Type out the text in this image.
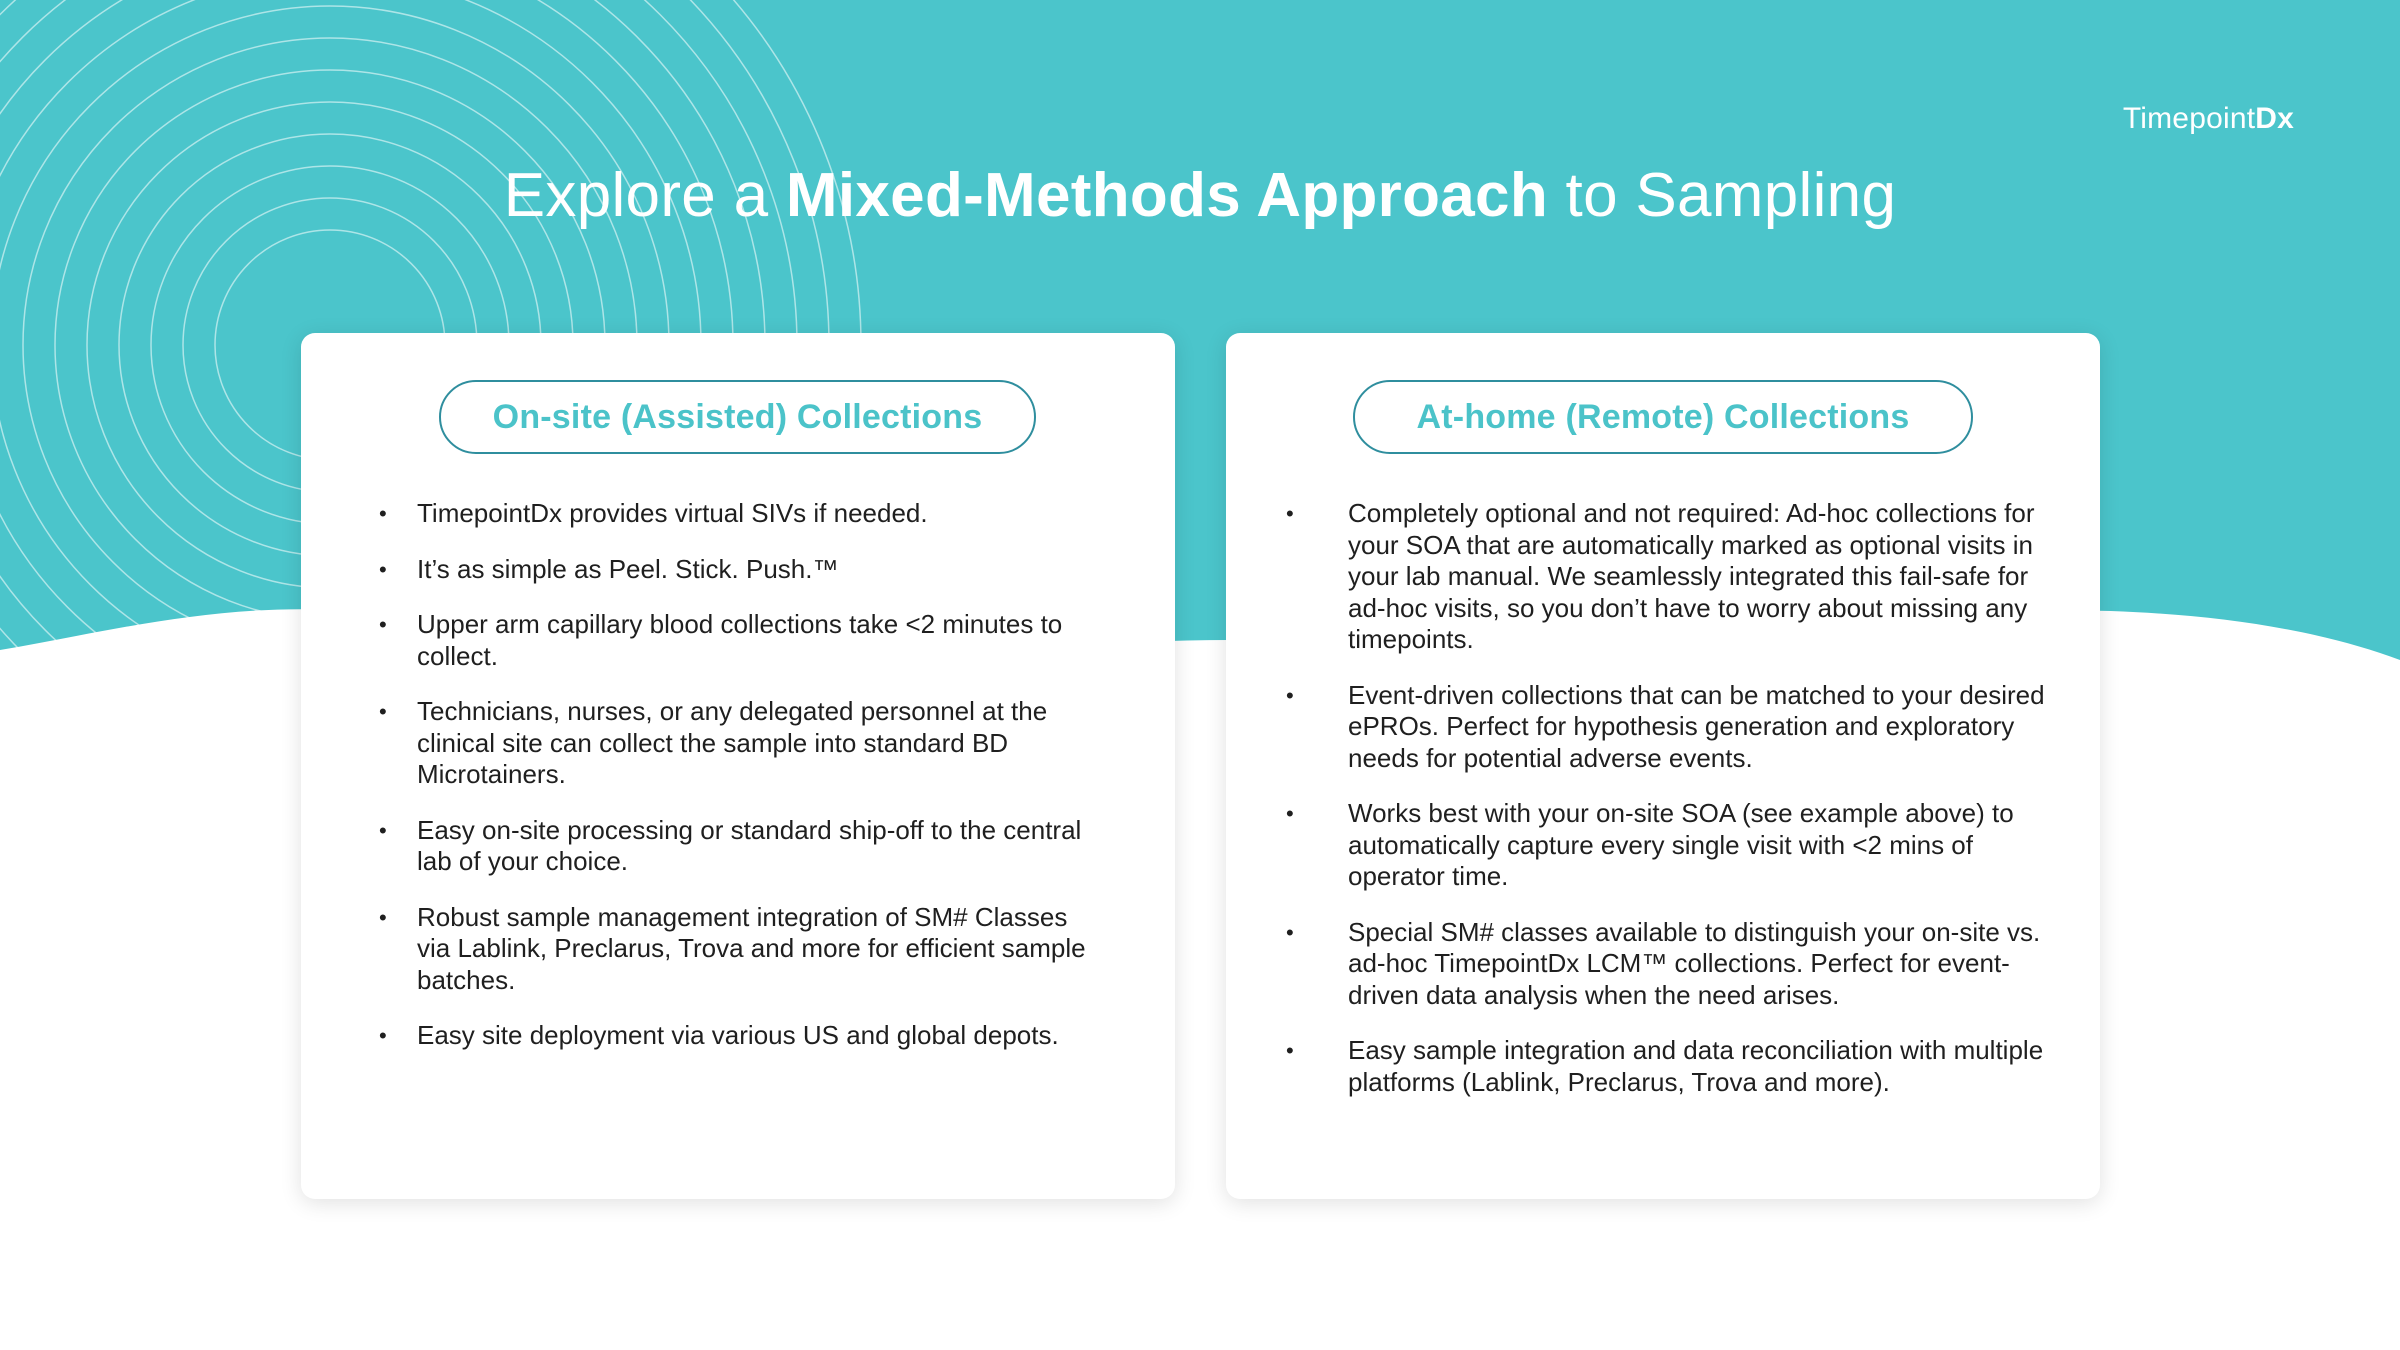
TimepointDx
Explore a Mixed-Methods Approach to Sampling
On-site (Assisted) Collections
• TimepointDx provides virtual SIVs if needed.
• It’s as simple as Peel. Stick. Push.™
• Upper arm capillary blood collections take <2 minutes to collect.
• Technicians, nurses, or any delegated personnel at the clinical site can collect the sample into standard BD Microtainers.
• Easy on-site processing or standard ship-off to the central lab of your choice.
• Robust sample management integration of SM# Classes via Lablink, Preclarus, Trova and more for efficient sample batches.
• Easy site deployment via various US and global depots.
At-home (Remote) Collections
• Completely optional and not required: Ad-hoc collections for your SOA that are automatically marked as optional visits in your lab manual. We seamlessly integrated this fail-safe for ad-hoc visits, so you don’t have to worry about missing any timepoints.
• Event-driven collections that can be matched to your desired ePROs. Perfect for hypothesis generation and exploratory needs for potential adverse events.
• Works best with your on-site SOA (see example above) to automatically capture every single visit with <2 mins of operator time.
• Special SM# classes available to distinguish your on-site vs. ad-hoc TimepointDx LCM™ collections. Perfect for event-driven data analysis when the need arises.
• Easy sample integration and data reconciliation with multiple platforms (Lablink, Preclarus, Trova and more).
